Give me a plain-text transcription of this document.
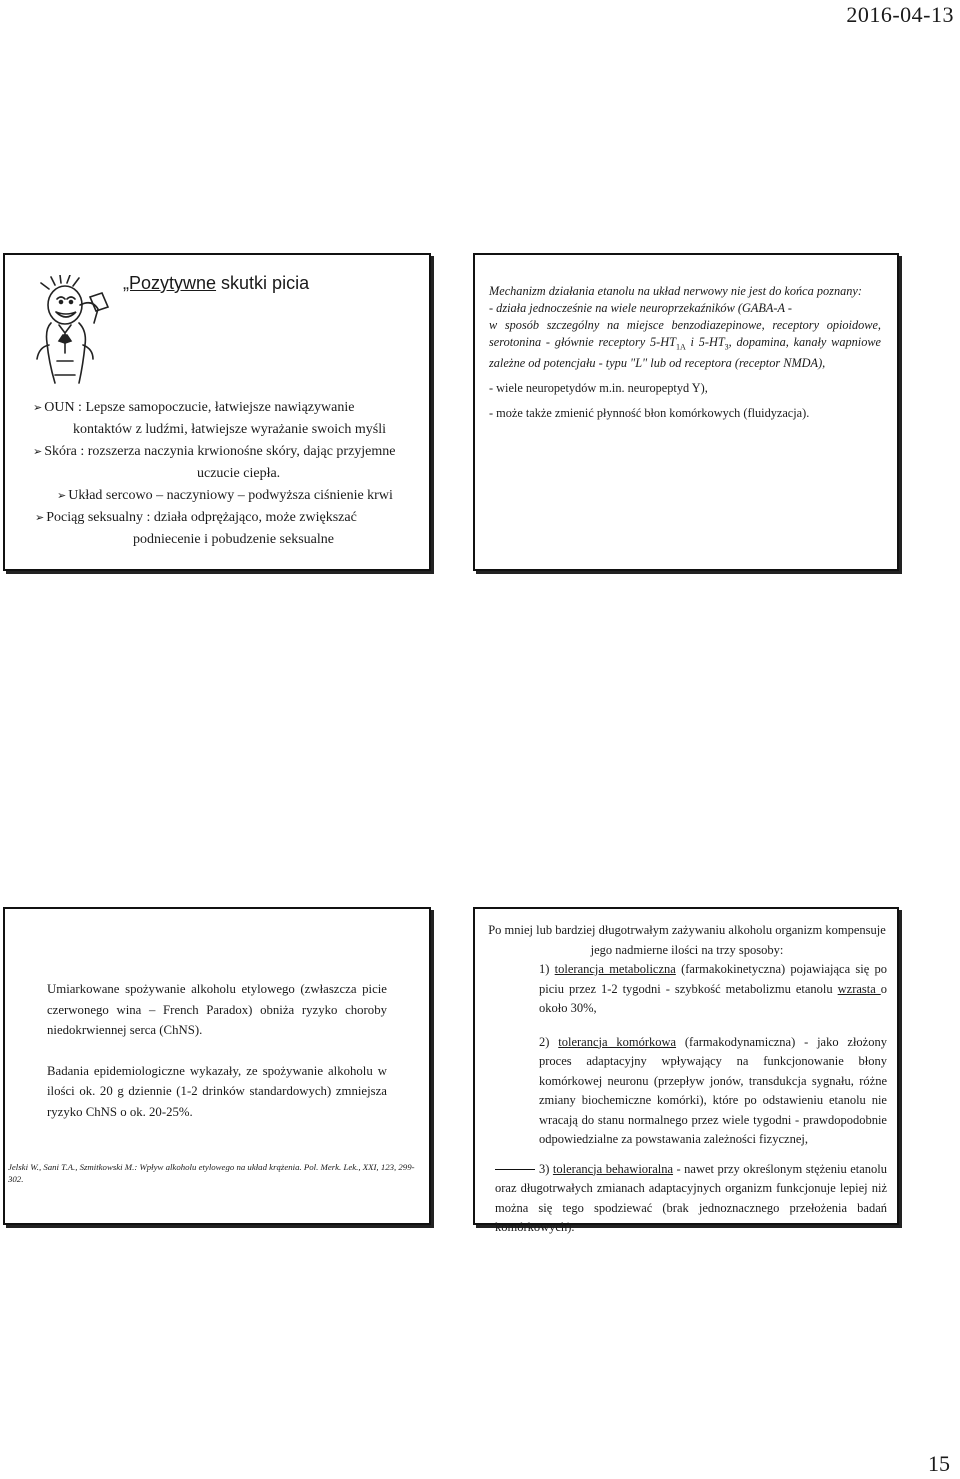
2016-04-13
„Pozytywne skutki picia
➢ OUN : Lepsze samopoczucie, łatwiejsze nawiązywanie
kontaktów z ludźmi, łatwiejsze wyrażanie swoich myśli
➢ Skóra : rozszerza naczynia krwionośne skóry, dając przyjemne
uczucie ciepła.
➢ Układ sercowo – naczyniowy – podwyższa ciśnienie krwi
➢ Pociąg seksualny : działa odprężająco, może zwiększać
podniecenie i pobudzenie seksualne

Mechanizm działania etanolu na układ nerwowy nie jest do końca poznany:

- działa jednocześnie na wiele neuroprzekaźników (GABA-A -
w sposób szczególny na miejsce benzodiazepinowe, receptory opioidowe, serotonina - głównie receptory $5-HT_{1A}$ i $5-HT_3$, dopamina, kanały wapniowe zależne od potencjału - typu "L" lub od receptora (receptor NMDA),

- wiele neuropetydów m.in. neuropeptyd Y),

- może także zmienić płynność błon komórkowych (fluidyzacja).

Umiarkowane spożywanie alkoholu etylowego (zwłaszcza picie czerwonego wina – French Paradox) obniża ryzyko choroby niedokrwiennej serca (ChNS).

Badania epidemiologiczne wykazały, ze spożywanie alkoholu w ilości ok. 20 g dziennie (1-2 drinków standardowych) zmniejsza ryzyko ChNS o ok. 20-25%.

Jelski W., Sani T.A., Szmitkowski M.: Wpływ alkoholu etylowego na układ krążenia. Pol. Merk. Lek., XXI, 123, 299-302.

Po mniej lub bardziej długotrwałym zażywaniu alkoholu organizm kompensuje jego nadmierne ilości na trzy sposoby:

1) tolerancja metaboliczna (farmakokinetyczna) pojawiająca się po piciu przez 1-2 tygodni - szybkość metabolizmu etanolu wzrasta o około 30%,

2) tolerancja komórkowa (farmakodynamiczna) - jako złożony proces adaptacyjny wpływający na funkcjonowanie błony komórkowej neuronu (przepływ jonów, transdukcja sygnału, różne zmiany biochemiczne komórki), które po odstawieniu etanolu nie wracają do stanu normalnego przez wiele tygodni - prawdopodobnie odpowiedzialne za powstawania zależności fizycznej,

3) tolerancja behawioralna - nawet przy określonym stężeniu etanolu oraz długotrwałych zmianach adaptacyjnych organizm funkcjonuje lepiej niż można się tego spodziewać (brak jednoznacznego przełożenia badań komórkowych).

15
